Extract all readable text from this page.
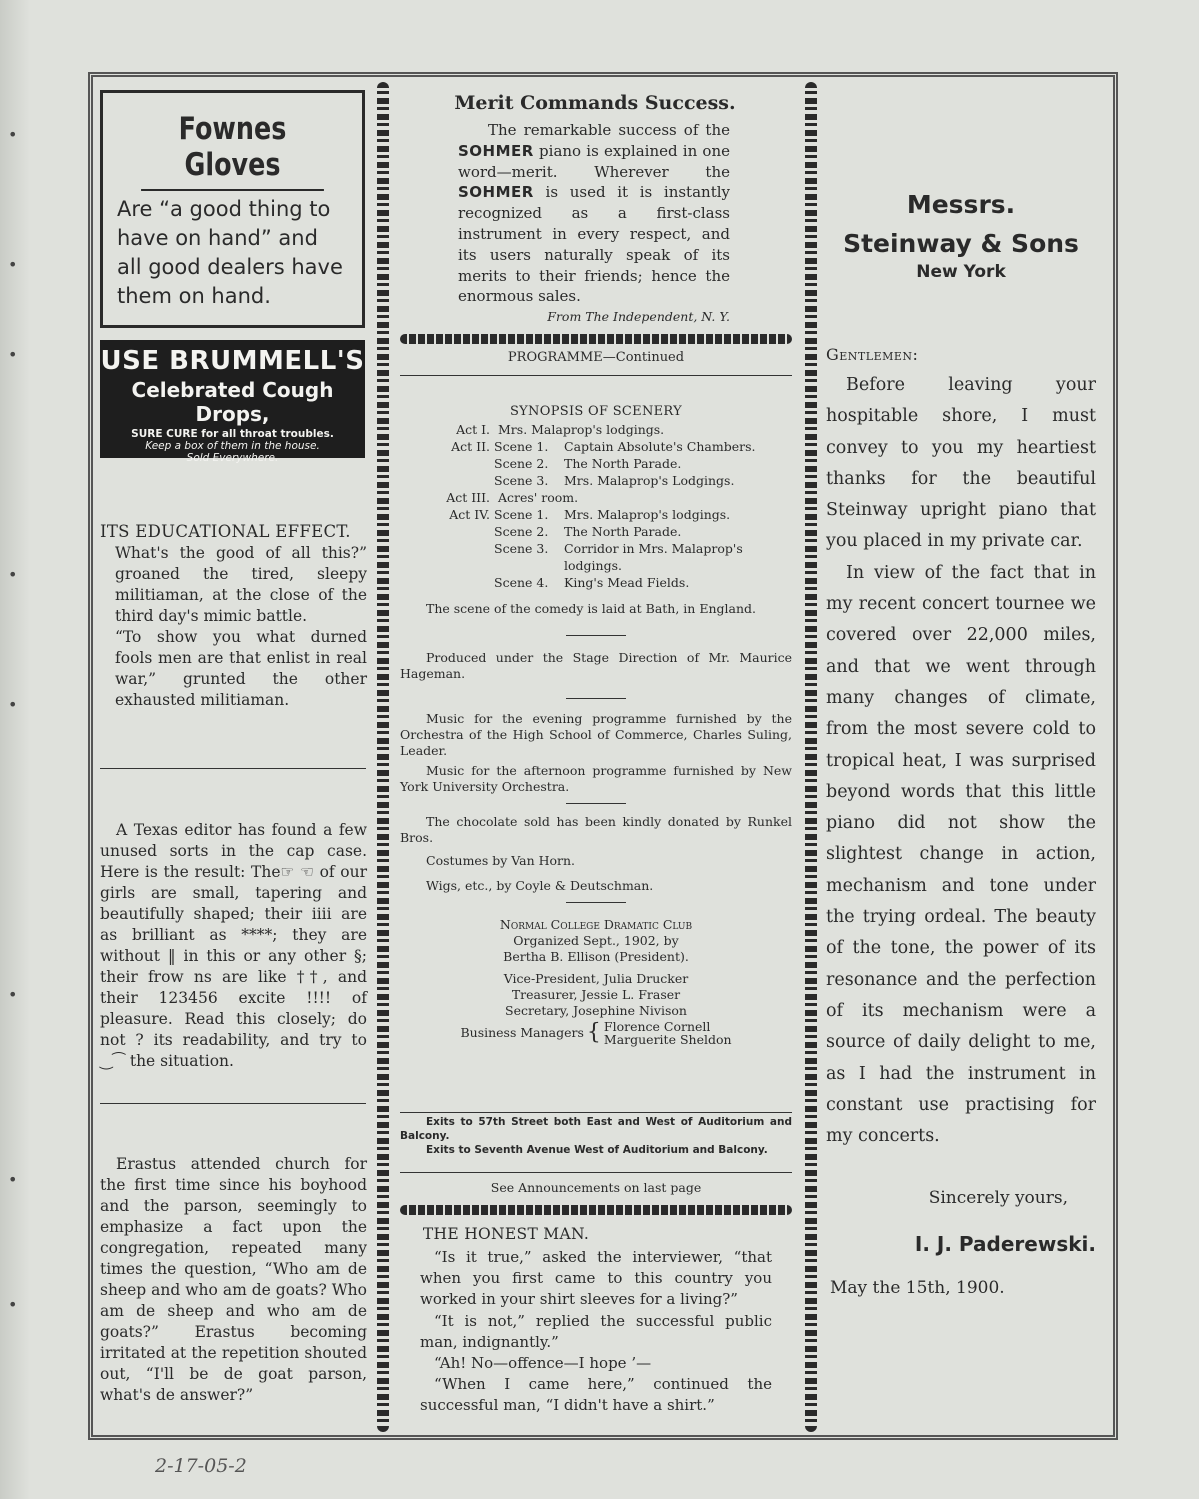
•
•
•
•
•
•
•
•
Fownes Gloves
Are “a good thing to have on hand” and all good dealers have them on hand.
USE BRUMMELL'S
Celebrated Cough Drops,
SURE CURE for all throat troubles.
Keep a box of them in the house.
Sold Everywhere.
ITS EDUCATIONAL EFFECT.
What's the good of all this?” groaned the tired, sleepy militiaman, at the close of the third day's mimic battle.
“To show you what durned fools men are that enlist in real war,” grunted the other exhausted militiaman.
A Texas editor has found a few unused sorts in the cap case. Here is the result: The☞ ☜ of our girls are small, tapering and beautifully shaped; their iiii are as brilliant as ****; they are without ‖ in this or any other §; their frow ns are like ††, and their 123456 excite !!!! of pleasure. Read this closely; do not ? its readability, and try to ‿⁀ the situation.
Erastus attended church for the first time since his boyhood and the parson, seemingly to emphasize a fact upon the congregation, repeated many times the question, “Who am de sheep and who am de goats? Who am de sheep and who am de goats?” Erastus becoming irritated at the repetition shouted out, “I'll be de goat parson, what's de answer?”
Merit Commands Success.
The remarkable success of the SOHMER piano is explained in one word—merit. Wherever the SOHMER is used it is instantly recognized as a first-class instrument in every respect, and its users naturally speak of its merits to their friends; hence the enormous sales.
From The Independent, N. Y.
PROGRAMME—Continued
SYNOPSIS OF SCENERY
Act I. Mrs. Malaprop's lodgings.
Act II. Scene 1.	Captain Absolute's Chambers.
Scene 2.	The North Parade.
Scene 3.	Mrs. Malaprop's Lodgings.
Act III. Acres' room.
Act IV. Scene 1.	Mrs. Malaprop's lodgings.
Scene 2.	The North Parade.
Scene 3.	Corridor in Mrs. Malaprop's lodgings.
Scene 4.	King's Mead Fields.
The scene of the comedy is laid at Bath, in England.
Produced under the Stage Direction of Mr. Maurice Hageman.
Music for the evening programme furnished by the Orchestra of the High School of Commerce, Charles Suling, Leader.
Music for the afternoon programme furnished by New York University Orchestra.
The chocolate sold has been kindly donated by Runkel Bros.
Costumes by Van Horn.
Wigs, etc., by Coyle & Deutschman.
Normal College Dramatic Club
Organized Sept., 1902, by
Bertha B. Ellison (President).
Vice-President, Julia Drucker
Treasurer, Jessie L. Fraser
Secretary, Josephine Nivison
Business Managers { Florence Cornell
Marguerite Sheldon
Exits to 57th Street both East and West of Auditorium and Balcony.
Exits to Seventh Avenue West of Auditorium and Balcony.
See Announcements on last page
THE HONEST MAN.
“Is it true,” asked the interviewer, “that when you first came to this country you worked in your shirt sleeves for a living?”
“It is not,” replied the successful public man, indignantly.”
“Ah! No—offence—I hope ’—
“When I came here,” continued the successful man, “I didn't have a shirt.”
Messrs.
Steinway & Sons
New York
Gentlemen:
Before leaving your hospitable shore, I must convey to you my heartiest thanks for the beautiful Steinway upright piano that you placed in my private car.
In view of the fact that in my recent concert tournee we covered over 22,000 miles, and that we went through many changes of climate, from the most severe cold to tropical heat, I was surprised beyond words that this little piano did not show the slightest change in action, mechanism and tone under the trying ordeal. The beauty of the tone, the power of its resonance and the perfection of its mechanism were a source of daily delight to me, as I had the instrument in constant use practising for my concerts.
Sincerely yours,
I. J. Paderewski.
May the 15th, 1900.
2-17-05-2
